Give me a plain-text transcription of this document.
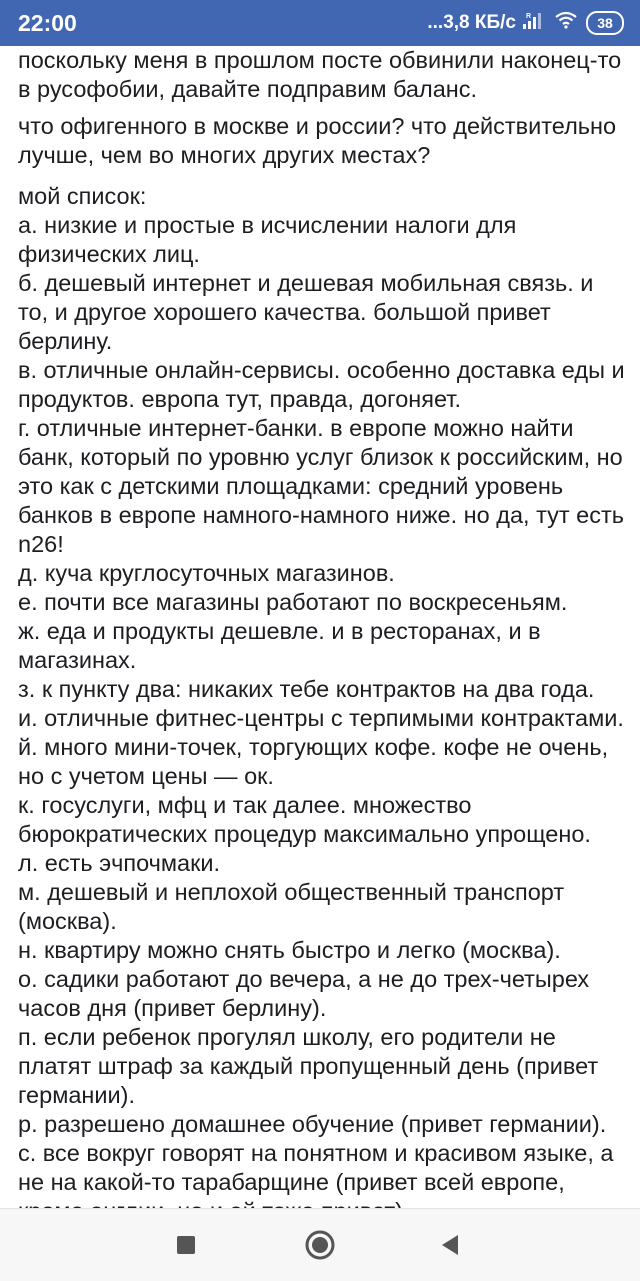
22:00	...3,8 КБ/с R	38

поскольку меня в прошлом посте обвинили наконец-то в русофобии, давайте подправим баланс.

что офигенного в москве и россии? что действительно лучше, чем во многих других местах?

мой список:

а. низкие и простые в исчислении налоги для физических лиц.

б. дешевый интернет и дешевая мобильная связь. и то, и другое хорошего качества. большой привет берлину.

в. отличные онлайн-сервисы. особенно доставка еды и продуктов. европа тут, правда, догоняет.

г. отличные интернет-банки. в европе можно найти банк, который по уровню услуг близок к российским, но это как с детскими площадками: средний уровень банков в европе намного-намного ниже. но да, тут есть n26!

д. куча круглосуточных магазинов.

е. почти все магазины работают по воскресеньям.

ж. еда и продукты дешевле. и в ресторанах, и в магазинах.

з. к пункту два: никаких тебе контрактов на два года.

и. отличные фитнес-центры с терпимыми контрактами.

й. много мини-точек, торгующих кофе. кофе не очень, но с учетом цены — ок.

к. госуслуги, мфц и так далее. множество бюрократических процедур максимально упрощено.

л. есть эчпочмаки.

м. дешевый и неплохой общественный транспорт (москва).

н. квартиру можно снять быстро и легко (москва).

о. садики работают до вечера, а не до трех-четырех часов дня (привет берлину).

п. если ребенок прогулял школу, его родители не платят штраф за каждый пропущенный день (привет германии).

р. разрешено домашнее обучение (привет германии).

с. все вокруг говорят на понятном и красивом языке, а не на какой-то тарабарщине (привет всей европе,
